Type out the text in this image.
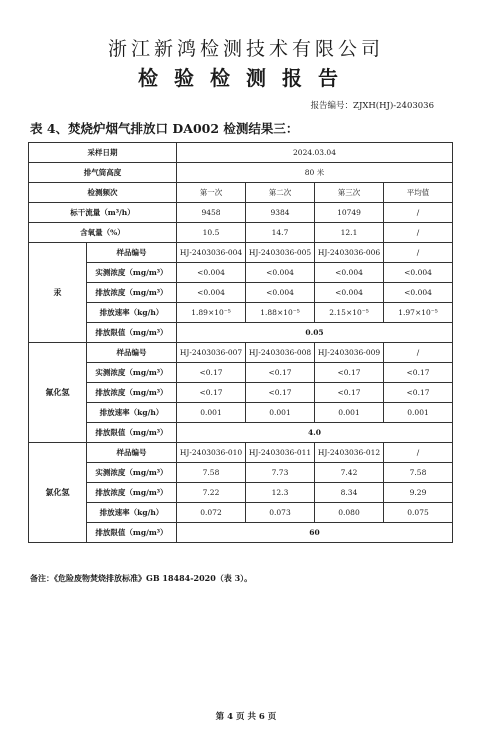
浙江新鸿检测技术有限公司
检验检测报告
报告编号：ZJXH(HJ)-2403036
表 4、焚烧炉烟气排放口 DA002 检测结果三：
采样日期		2024.03.04			
排气筒高度		80 米			
检测频次		第一次	第二次	第三次	平均值
标干流量（m³/h）		9458	9384	10749	/
含氧量（%）		10.5	14.7	12.1	/
汞	样品编号	HJ-2403036-004	HJ-2403036-005	HJ-2403036-006	/
	实测浓度（mg/m³）	<0.004	<0.004	<0.004	<0.004
	排放浓度（mg/m³）	<0.004	<0.004	<0.004	<0.004
	排放速率（kg/h）	1.89×10⁻⁵	1.88×10⁻⁵	2.15×10⁻⁵	1.97×10⁻⁵
	排放限值（mg/m³）	0.05			
氟化氢	样品编号	HJ-2403036-007	HJ-2403036-008	HJ-2403036-009	/
	实测浓度（mg/m³）	<0.17	<0.17	<0.17	<0.17
	排放浓度（mg/m³）	<0.17	<0.17	<0.17	<0.17
	排放速率（kg/h）	0.001	0.001	0.001	0.001
	排放限值（mg/m³）	4.0			
氯化氢	样品编号	HJ-2403036-010	HJ-2403036-011	HJ-2403036-012	/
	实测浓度（mg/m³）	7.58	7.73	7.42	7.58
	排放浓度（mg/m³）	7.22	12.3	8.34	9.29
	排放速率（kg/h）	0.072	0.073	0.080	0.075
	排放限值（mg/m³）	60			
备注：《危险废物焚烧排放标准》GB 18484-2020（表 3）。
第 4 页 共 6 页
